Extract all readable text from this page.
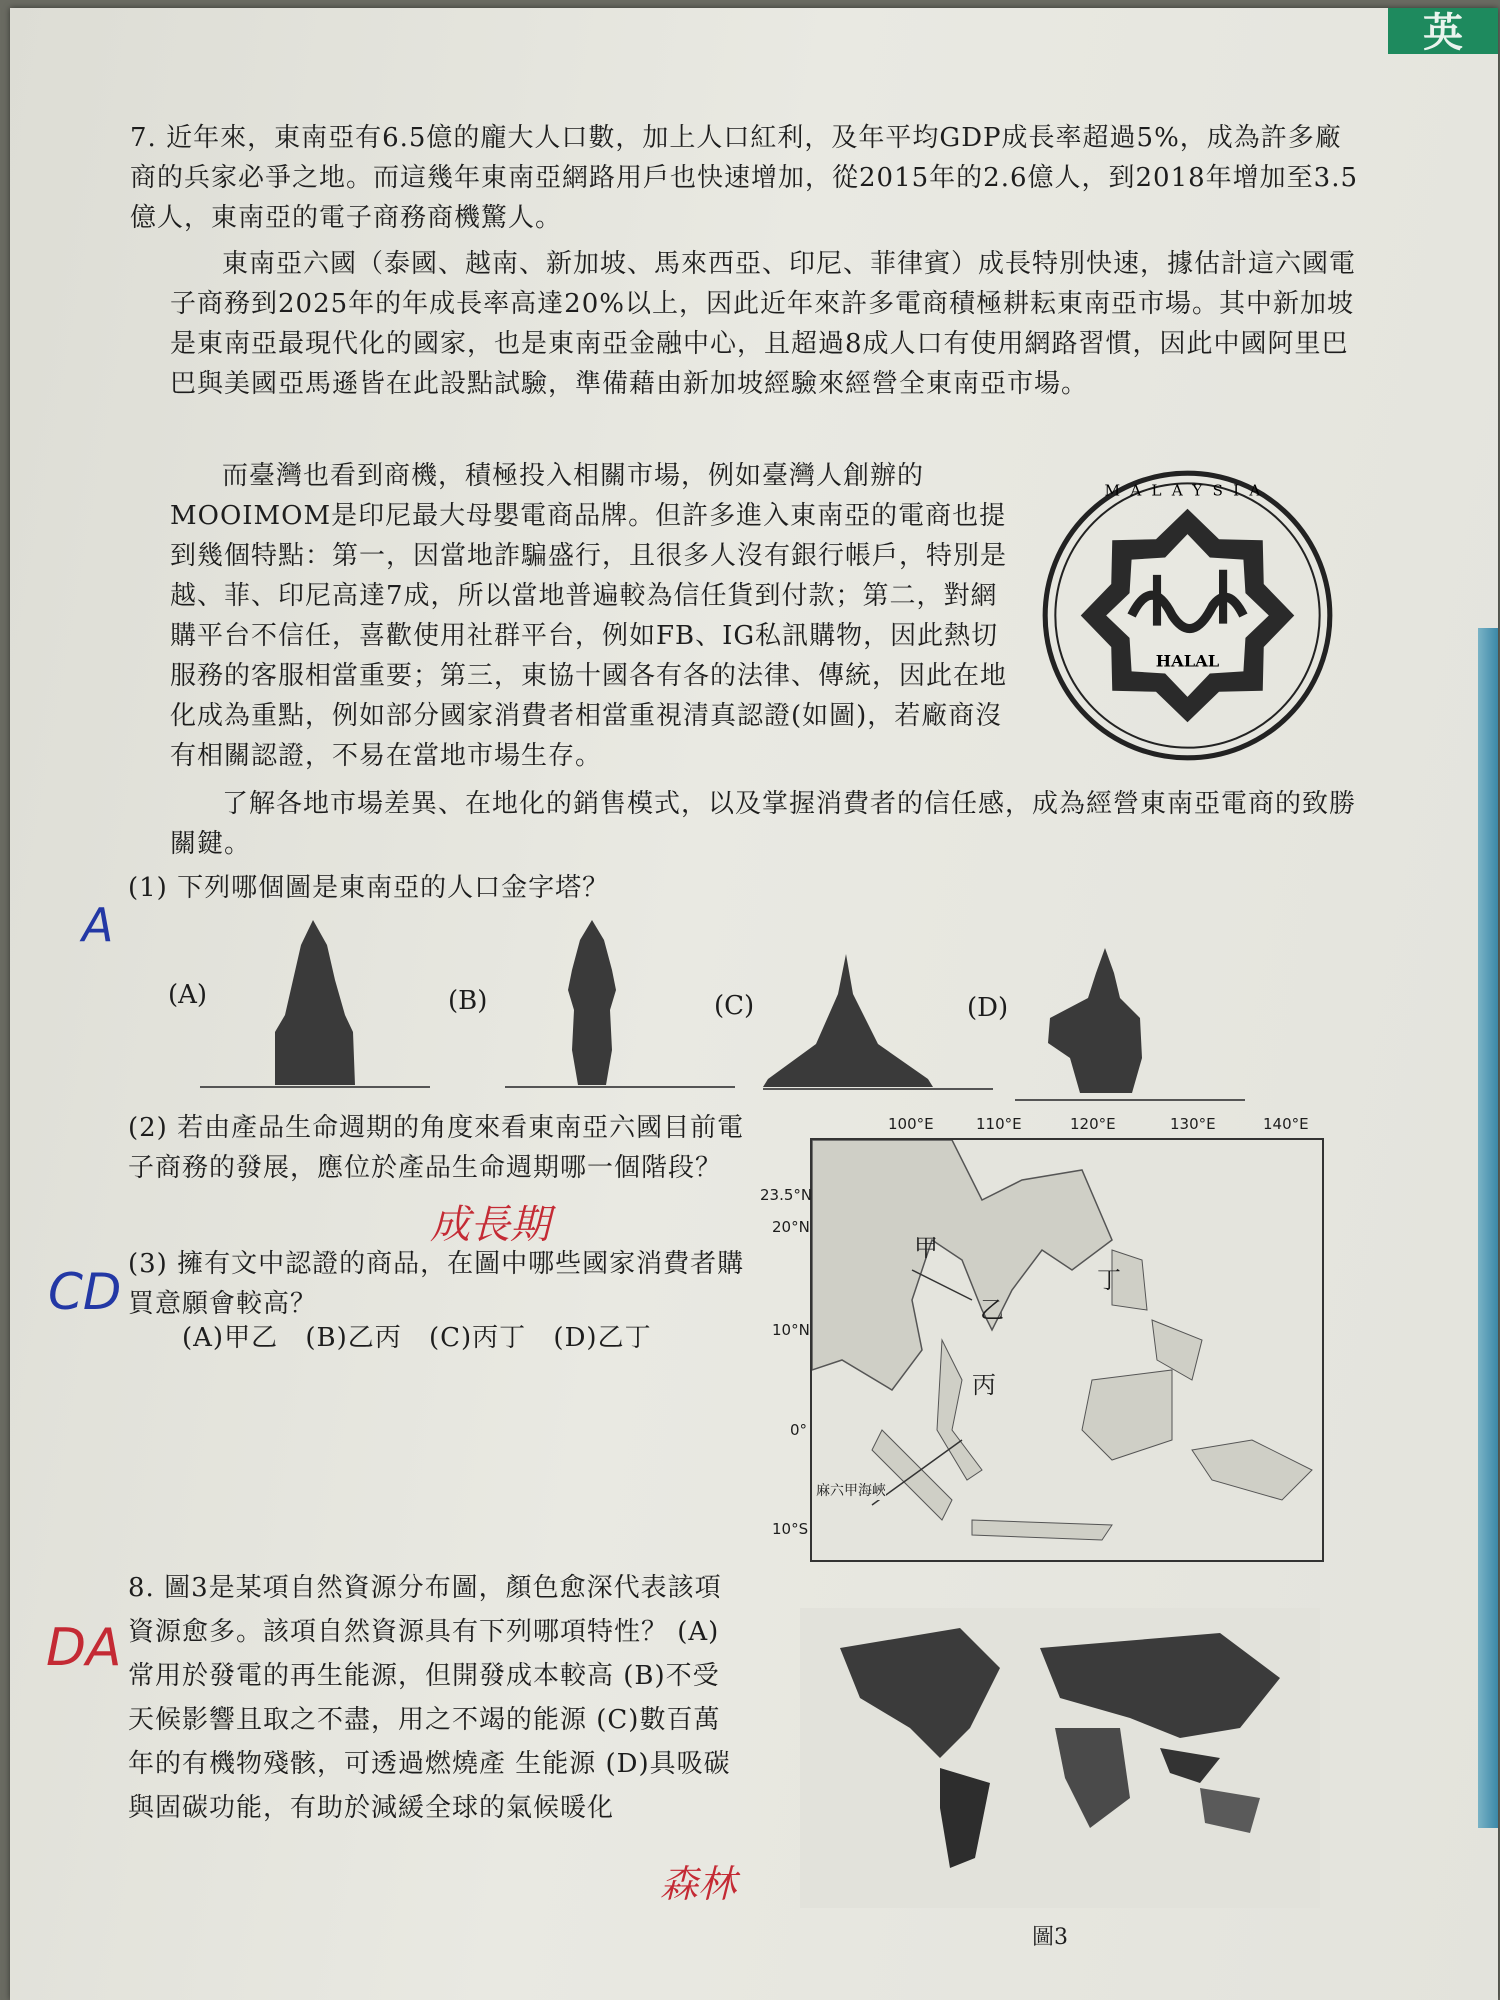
英

7. 近年來，東南亞有6.5億的龐大人口數，加上人口紅利，及年平均GDP成長率超過5%，成為許多廠商的兵家必爭之地。而這幾年東南亞網路用戶也快速增加，從2015年的2.6億人，到2018年增加至3.5億人，東南亞的電子商務商機驚人。

東南亞六國（泰國、越南、新加坡、馬來西亞、印尼、菲律賓）成長特別快速，據估計這六國電子商務到2025年的年成長率高達20%以上，因此近年來許多電商積極耕耘東南亞市場。其中新加坡是東南亞最現代化的國家，也是東南亞金融中心，且超過8成人口有使用網路習慣，因此中國阿里巴巴與美國亞馬遜皆在此設點試驗，準備藉由新加坡經驗來經營全東南亞市場。

而臺灣也看到商機，積極投入相關市場，例如臺灣人創辦的MOOIMOM是印尼最大母嬰電商品牌。但許多進入東南亞的電商也提到幾個特點：第一，因當地詐騙盛行，且很多人沒有銀行帳戶，特別是越、菲、印尼高達7成，所以當地普遍較為信任貨到付款；第二，對網購平台不信任，喜歡使用社群平台，例如FB、IG私訊購物，因此熱切服務的客服相當重要；第三，東協十國各有各的法律、傳統，因此在地化成為重點，例如部分國家消費者相當重視清真認證(如圖)，若廠商沒有相關認證，不易在當地市場生存。

了解各地市場差異、在地化的銷售模式，以及掌握消費者的信任感，成為經營東南亞電商的致勝關鍵。

HALAL
MALAYSIA
(1) 下列哪個圖是東南亞的人口金字塔？
A
(A)	(B)	(C)	(D)
(2) 若由產品生命週期的角度來看東南亞六國目前電子商務的發展，應位於產品生命週期哪一個階段？
成長期
(3) 擁有文中認證的商品，在圖中哪些國家消費者購買意願會較高？
(A)甲乙 (B)乙丙 (C)丙丁 (D)乙丁
CD
甲
乙
丁
丙
麻六甲海峽
100°E	110°E	120°E	130°E	140°E
23.5°N
20°N
10°N
0°
10°S
8. 圖3是某項自然資源分布圖，顏色愈深代表該項資源愈多。該項自然資源具有下列哪項特性？ (A)常用於發電的再生能源，但開發成本較高 (B)不受天候影響且取之不盡，用之不竭的能源 (C)數百萬年的有機物殘骸，可透過燃燒產 生能源 (D)具吸碳與固碳功能，有助於減緩全球的氣候暖化
DA
森林
圖3
